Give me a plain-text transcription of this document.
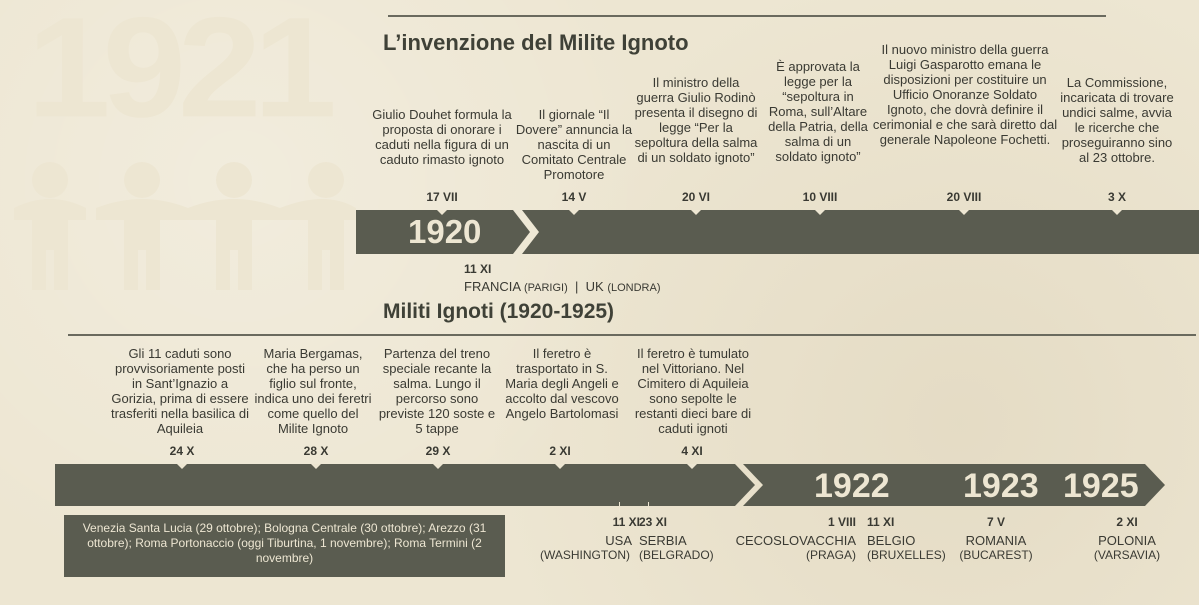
1921	L’invenzione del Milite Ignoto
Giulio Douhet formula la proposta di onorare i caduti nella figura di un caduto rimasto ignoto
17 VII
Il giornale “Il Dovere” annuncia la nascita di un Comitato Centrale Promotore
14 V
Il ministro della guerra Giulio Rodinò presenta il disegno di legge “Per la sepoltura della salma di un soldato ignoto”
20 VI
È approvata la legge per la “sepoltura in Roma, sull’Altare della Patria, della salma di un soldato ignoto”
10 VIII
Il nuovo ministro della guerra Luigi Gasparotto emana le disposizioni per costituire un Ufficio Onoranze Soldato Ignoto, che dovrà definire il cerimonial e che sarà diretto dal generale Napoleone Fochetti.
20 VIII
La Commissione, incaricata di trovare undici salme, avvia le ricerche che proseguiranno sino al 23 ottobre.
3 X
1920
11 XI
FRANCIA (PARIGI) | UK (LONDRA)
Militi Ignoti (1920-1925)
Gli 11 caduti sono provvisoriamente posti in Sant’Ignazio a Gorizia, prima di essere trasferiti nella basilica di Aquileia
24 X
Maria Bergamas, che ha perso un figlio sul fronte, indica uno dei feretri come quello del Milite Ignoto
28 X
Partenza del treno speciale recante la salma. Lungo il percorso sono previste 120 soste e 5 tappe
29 X
Il feretro è trasportato in S. Maria degli Angeli e accolto dal vescovo Angelo Bartolomasi
2 XI
Il feretro è tumulato nel Vittoriano. Nel Cimitero di Aquileia sono sepolte le restanti dieci bare di caduti ignoti
4 XI
1922 1923 1925
Venezia Santa Lucia (29 ottobre); Bologna Centrale (30 ottobre); Arezzo (31 ottobre); Roma Portonaccio (oggi Tiburtina, 1 novembre); Roma Termini (2 novembre)
11 XI
USA
(WASHINGTON)
23 XI
SERBIA
(BELGRADO)
1 VIII
CECOSLOVACCHIA
(PRAGA)
11 XI
BELGIO
(BRUXELLES)
7 V
ROMANIA
(BUCAREST)
2 XI
POLONIA
(VARSAVIA)
